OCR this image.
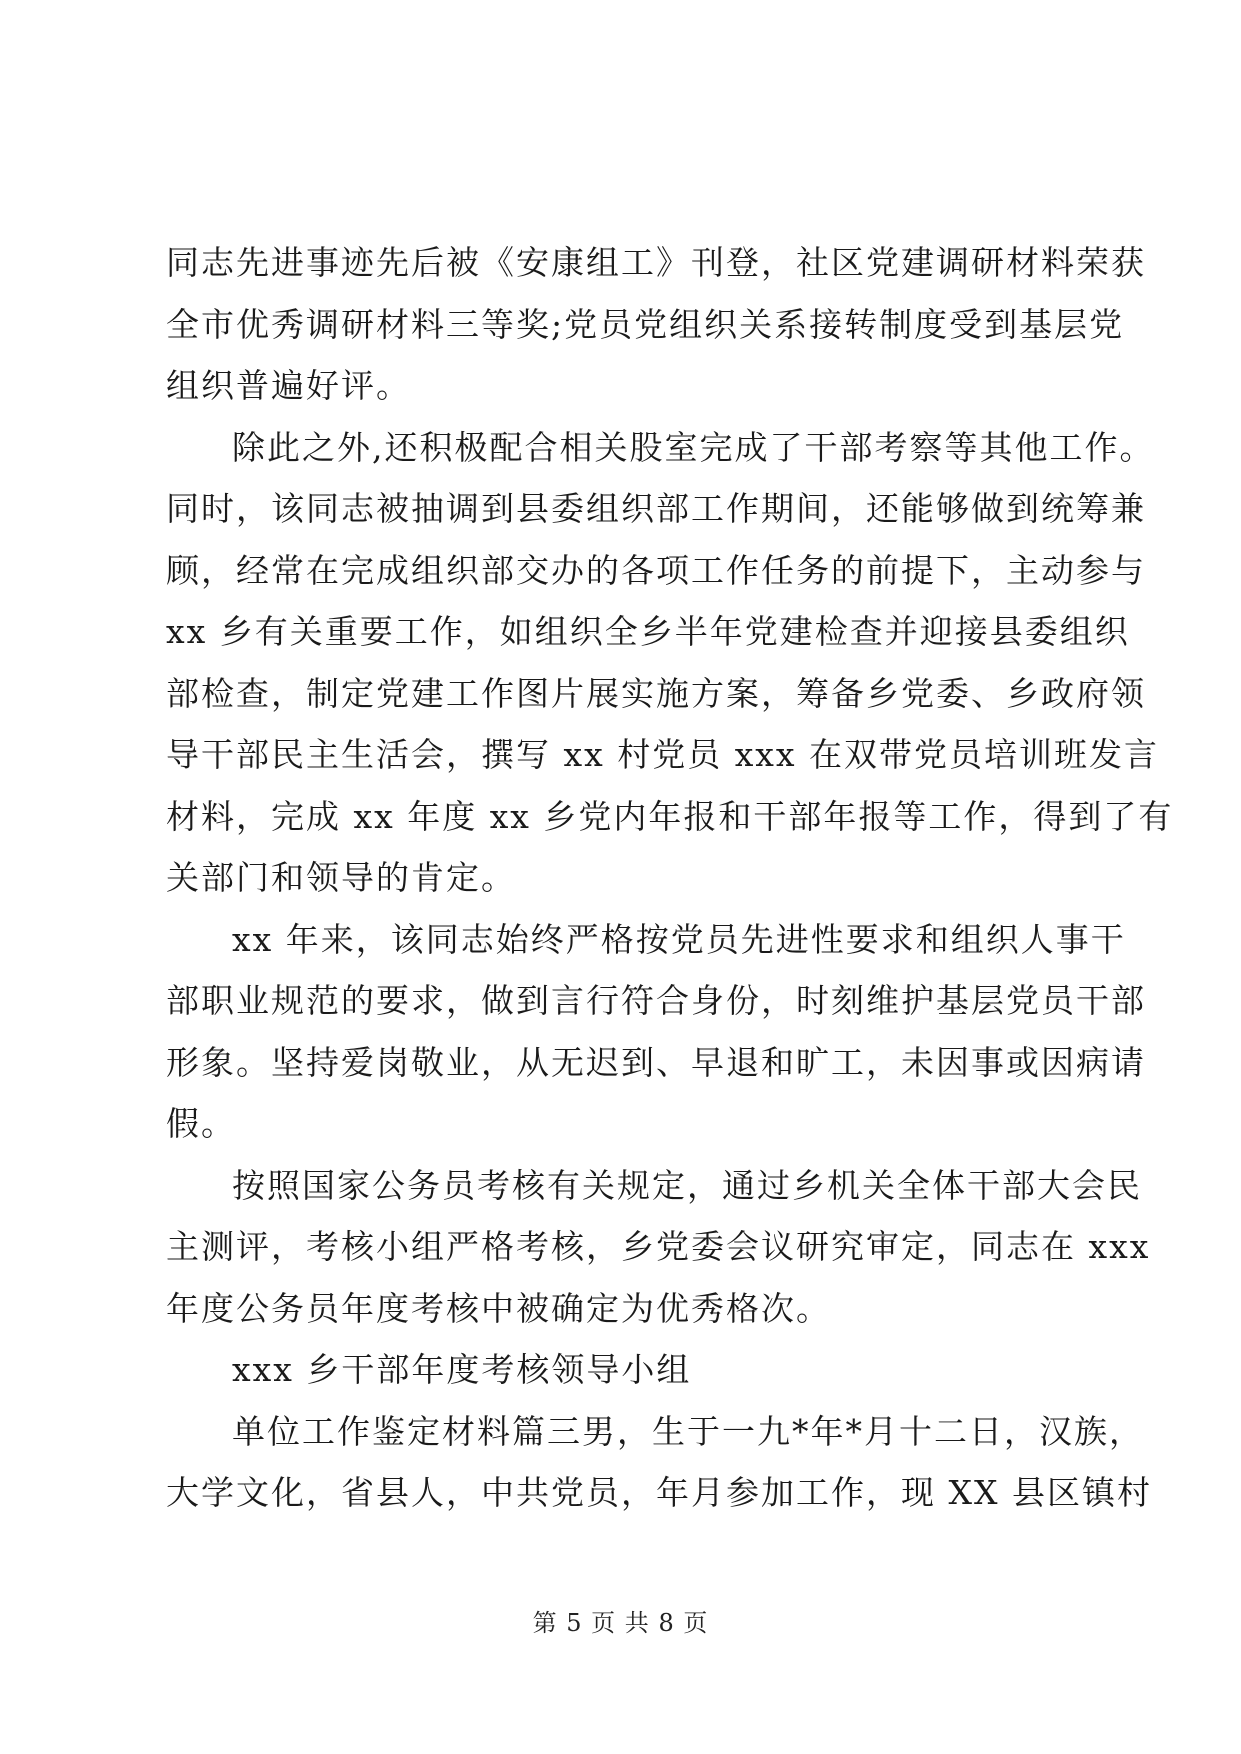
同志先进事迹先后被《安康组工》刊登，社区党建调研材料荣获
全市优秀调研材料三等奖;党员党组织关系接转制度受到基层党
组织普遍好评。
除此之外,还积极配合相关股室完成了干部考察等其他工作。
同时，该同志被抽调到县委组织部工作期间，还能够做到统筹兼
顾，经常在完成组织部交办的各项工作任务的前提下，主动参与
xx 乡有关重要工作，如组织全乡半年党建检查并迎接县委组织
部检查，制定党建工作图片展实施方案，筹备乡党委、乡政府领
导干部民主生活会，撰写 xx 村党员 xxx 在双带党员培训班发言
材料，完成 xx 年度 xx 乡党内年报和干部年报等工作，得到了有
关部门和领导的肯定。
xx 年来，该同志始终严格按党员先进性要求和组织人事干
部职业规范的要求，做到言行符合身份，时刻维护基层党员干部
形象。坚持爱岗敬业，从无迟到、早退和旷工，未因事或因病请
假。
按照国家公务员考核有关规定，通过乡机关全体干部大会民
主测评，考核小组严格考核，乡党委会议研究审定，同志在 xxx
年度公务员年度考核中被确定为优秀格次。
xxx 乡干部年度考核领导小组
单位工作鉴定材料篇三男，生于一九*年*月十二日，汉族，
大学文化，省县人，中共党员，年月参加工作，现 XX 县区镇村
第 5 页 共 8 页
